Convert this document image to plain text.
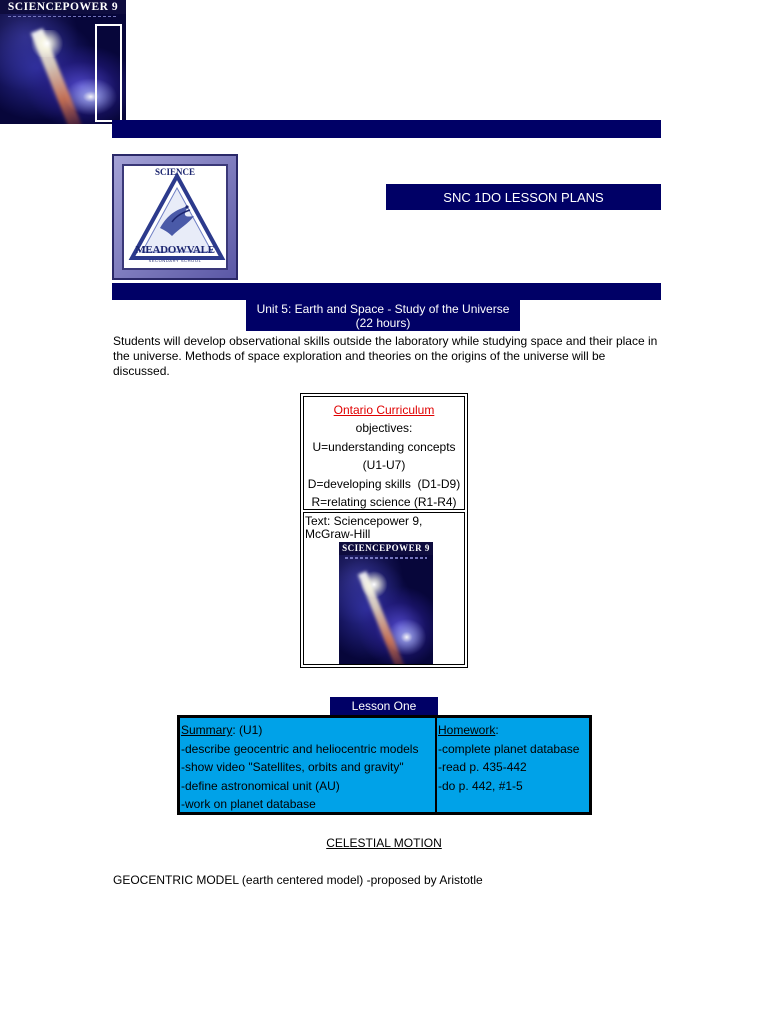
SCIENCEPOWER 9
SCIENCE
MEADOWVALE
SECONDARY SCHOOL
SNC 1DO LESSON PLANS
Unit 5: Earth and Space - Study of the Universe
(22 hours)
Students will develop observational skills outside the laboratory while studying space and their place in the universe. Methods of space exploration and theories on the origins of the universe will be discussed.
Ontario Curriculum
objectives:
U=understanding concepts
(U1-U7)
D=developing skills  (D1-D9)
R=relating science (R1-R4)
Text: Sciencepower 9,
McGraw-Hill
SCIENCEPOWER 9
Lesson One
Summary: (U1)
-describe geocentric and heliocentric models
-show video "Satellites, orbits and gravity"
-define astronomical unit (AU)
-work on planet database
Homework:
-complete planet database
-read p. 435-442
-do p. 442, #1-5
CELESTIAL MOTION
GEOCENTRIC MODEL (earth centered model) -proposed by Aristotle
